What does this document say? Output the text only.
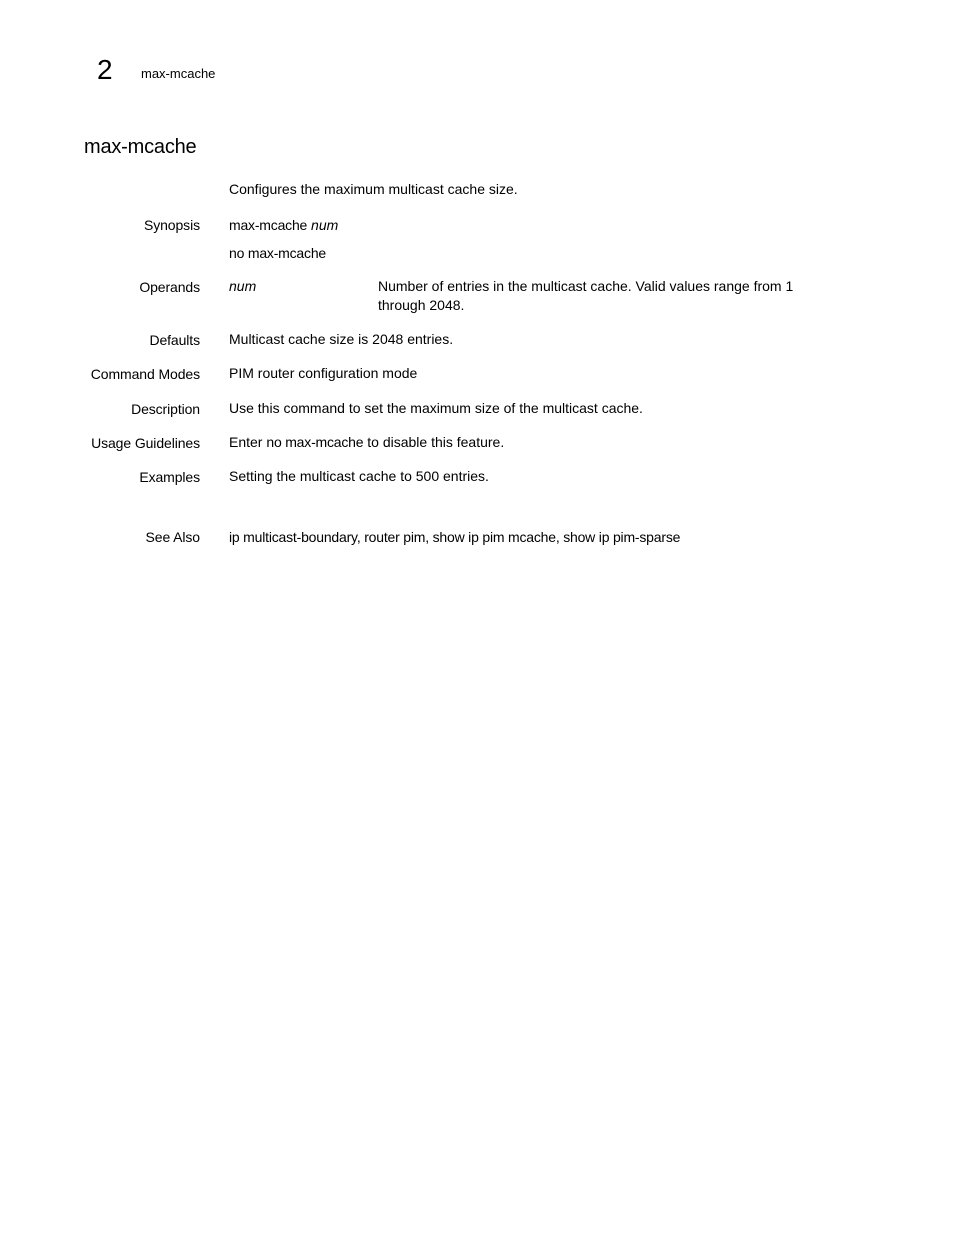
2 max-mcache
max-mcache
Configures the maximum multicast cache size.
Synopsis max-mcache num
no max-mcache
Operands num	Number of entries in the multicast cache. Valid values range from 1 through 2048.
Defaults Multicast cache size is 2048 entries.
Command Modes PIM router configuration mode
Description Use this command to set the maximum size of the multicast cache.
Usage Guidelines Enter no max-mcache to disable this feature.
Examples Setting the multicast cache to 500 entries.
See Also ip multicast-boundary, router pim, show ip pim mcache, show ip pim-sparse
